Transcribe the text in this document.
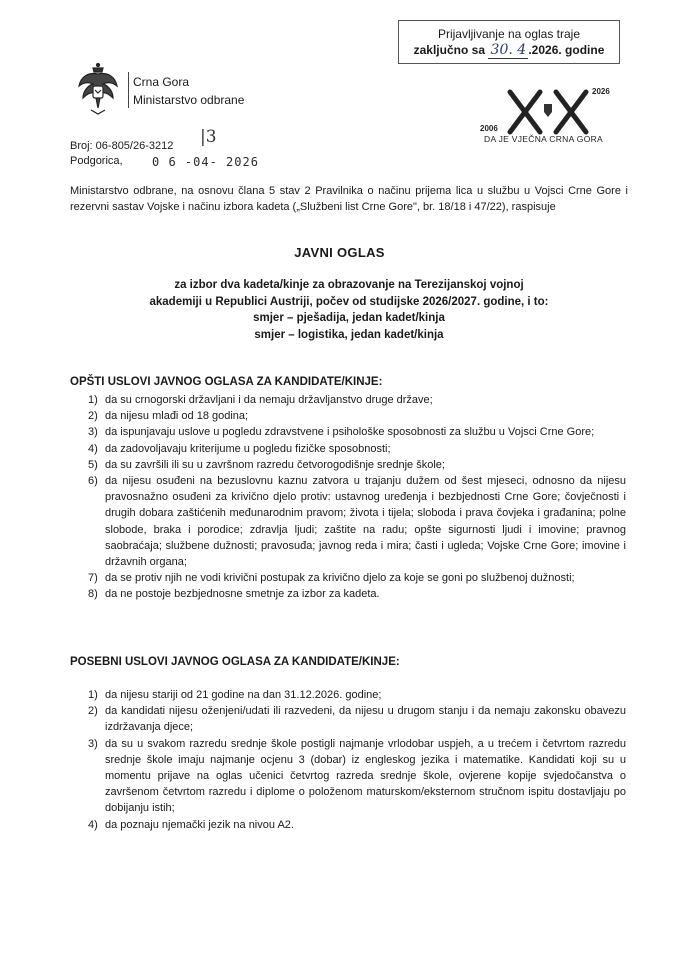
Prijavljivanje na oglas traje
zaključno sa 30. 4 .2026. godine
Crna Gora
Ministarstvo odbrane
2006
2026
DA JE VJEČNA CRNA GORA
Broj: 06-805/26-3212 |3
Podgorica, 0 6 -04- 2026
Ministarstvo odbrane, na osnovu člana 5 stav 2 Pravilnika o načinu prijema lica u službu u Vojsci Crne Gore i rezervni sastav Vojske i načinu izbora kadeta („Službeni list Crne Gore", br. 18/18 i 47/22), raspisuje
JAVNI OGLAS
za izbor dva kadeta/kinje za obrazovanje na Terezijanskoj vojnoj
akademiji u Republici Austriji, počev od studijske 2026/2027. godine, i to:
smjer – pješadija, jedan kadet/kinja
smjer – logistika, jedan kadet/kinja
OPŠTI USLOVI JAVNOG OGLASA ZA KANDIDATE/KINJE:
1) da su crnogorski državljani i da nemaju državljanstvo druge države;
2) da nijesu mlađi od 18 godina;
3) da ispunjavaju uslove u pogledu zdravstvene i psihološke sposobnosti za službu u Vojsci Crne Gore;
4) da zadovoljavaju kriterijume u pogledu fizičke sposobnosti;
5) da su završili ili su u završnom razredu četvorogodišnje srednje škole;
6) da nijesu osuđeni na bezuslovnu kaznu zatvora u trajanju dužem od šest mjeseci, odnosno da nijesu pravosnažno osuđeni za krivično djelo protiv: ustavnog uređenja i bezbjednosti Crne Gore; čovječnosti i drugih dobara zaštićenih međunarodnim pravom; života i tijela; sloboda i prava čovjeka i građanina; polne slobode, braka i porodice; zdravlja ljudi; zaštite na radu; opšte sigurnosti ljudi i imovine; pravnog saobraćaja; službene dužnosti; pravosuđa; javnog reda i mira; časti i ugleda; Vojske Crne Gore; imovine i državnih organa;
7) da se protiv njih ne vodi krivični postupak za krivično djelo za koje se goni po službenoj dužnosti;
8) da ne postoje bezbjednosne smetnje za izbor za kadeta.
POSEBNI USLOVI JAVNOG OGLASA ZA KANDIDATE/KINJE:
1) da nijesu stariji od 21 godine na dan 31.12.2026. godine;
2) da kandidati nijesu oženjeni/udati ili razvedeni, da nijesu u drugom stanju i da nemaju zakonsku obavezu izdržavanja djece;
3) da su u svakom razredu srednje škole postigli najmanje vrlodobar uspjeh, a u trećem i četvrtom razredu srednje škole imaju najmanje ocjenu 3 (dobar) iz engleskog jezika i matematike. Kandidati koji su u momentu prijave na oglas učenici četvrtog razreda srednje škole, ovjerene kopije svjedočanstva o završenom četvrtom razredu i diplome o položenom maturskom/eksternom stručnom ispitu dostavljaju po dobijanju istih;
4) da poznaju njemački jezik na nivou A2.
